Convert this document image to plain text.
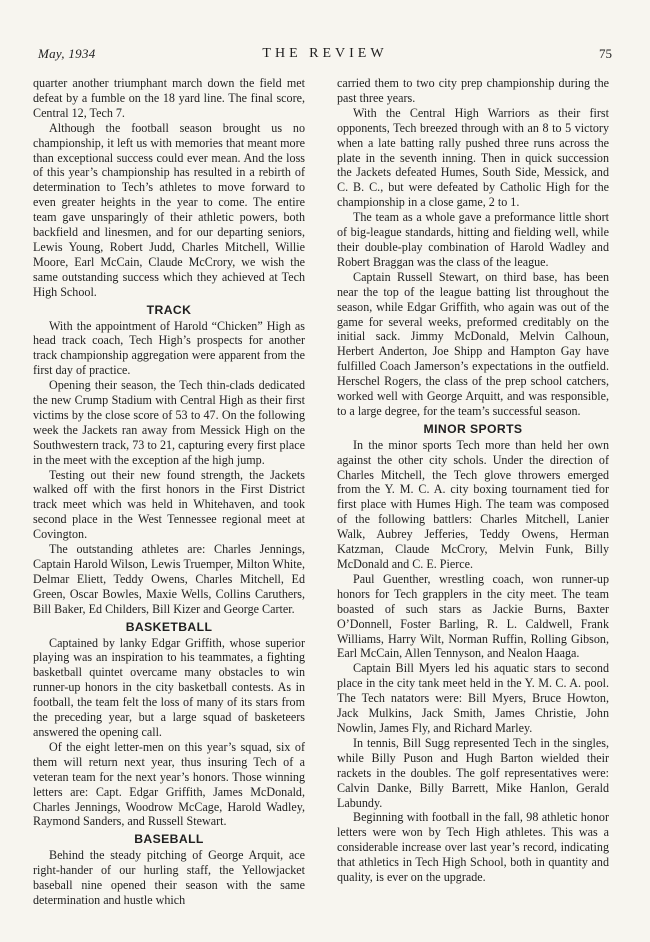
May, 1934	THE REVIEW	75

quarter another triumphant march down the field met defeat by a fumble on the 18 yard line. The final score, Central 12, Tech 7.

Although the football season brought us no championship, it left us with memories that meant more than exceptional success could ever mean. And the loss of this year’s championship has resulted in a rebirth of determination to Tech’s athletes to move forward to even greater heights in the year to come. The entire team gave unsparingly of their athletic powers, both backfield and linesmen, and for our departing seniors, Lewis Young, Robert Judd, Charles Mitchell, Willie Moore, Earl McCain, Claude McCrory, we wish the same outstanding success which they achieved at Tech High School.

TRACK

With the appointment of Harold “Chicken” High as head track coach, Tech High’s prospects for another track championship aggregation were apparent from the first day of practice.

Opening their season, the Tech thin-clads dedicated the new Crump Stadium with Central High as their first victims by the close score of 53 to 47. On the following week the Jackets ran away from Messick High on the Southwestern track, 73 to 21, capturing every first place in the meet with the exception af the high jump.

Testing out their new found strength, the Jackets walked off with the first honors in the First District track meet which was held in Whitehaven, and took second place in the West Tennessee regional meet at Covington.

The outstanding athletes are: Charles Jennings, Captain Harold Wilson, Lewis Truemper, Milton White, Delmar Eliett, Teddy Owens, Charles Mitchell, Ed Green, Oscar Bowles, Maxie Wells, Collins Caruthers, Bill Baker, Ed Childers, Bill Kizer and George Carter.

BASKETBALL

Captained by lanky Edgar Griffith, whose superior playing was an inspiration to his teammates, a fighting basketball quintet overcame many obstacles to win runner-up honors in the city basketball contests. As in football, the team felt the loss of many of its stars from the preceding year, but a large squad of basketeers answered the opening call.

Of the eight letter-men on this year’s squad, six of them will return next year, thus insuring Tech of a veteran team for the next year’s honors. Those winning letters are: Capt. Edgar Griffith, James McDonald, Charles Jennings, Woodrow McCage, Harold Wadley, Raymond Sanders, and Russell Stewart.

BASEBALL

Behind the steady pitching of George Arquit, ace right-hander of our hurling staff, the Yellowjacket baseball nine opened their season with the same determination and hustle which

carried them to two city prep championship during the past three years.

With the Central High Warriors as their first opponents, Tech breezed through with an 8 to 5 victory when a late batting rally pushed three runs across the plate in the seventh inning. Then in quick succession the Jackets defeated Humes, South Side, Messick, and C. B. C., but were defeated by Catholic High for the championship in a close game, 2 to 1.

The team as a whole gave a preformance little short of big-league standards, hitting and fielding well, while their double-play combination of Harold Wadley and Robert Braggan was the class of the league.

Captain Russell Stewart, on third base, has been near the top of the league batting list throughout the season, while Edgar Griffith, who again was out of the game for several weeks, preformed creditably on the initial sack. Jimmy McDonald, Melvin Calhoun, Herbert Anderton, Joe Shipp and Hampton Gay have fulfilled Coach Jamerson’s expectations in the outfield. Herschel Rogers, the class of the prep school catchers, worked well with George Arquitt, and was responsible, to a large degree, for the team’s successful season.

MINOR SPORTS

In the minor sports Tech more than held her own against the other city schols. Under the direction of Charles Mitchell, the Tech glove throwers emerged from the Y. M. C. A. city boxing tournament tied for first place with Humes High. The team was composed of the following battlers: Charles Mitchell, Lanier Walk, Aubrey Jefferies, Teddy Owens, Herman Katzman, Claude McCrory, Melvin Funk, Billy McDonald and C. E. Pierce.

Paul Guenther, wrestling coach, won runner-up honors for Tech grapplers in the city meet. The team boasted of such stars as Jackie Burns, Baxter O’Donnell, Foster Barling, R. L. Caldwell, Frank Williams, Harry Wilt, Norman Ruffin, Rolling Gibson, Earl McCain, Allen Tennyson, and Nealon Haaga.

Captain Bill Myers led his aquatic stars to second place in the city tank meet held in the Y. M. C. A. pool. The Tech natators were: Bill Myers, Bruce Howton, Jack Mulkins, Jack Smith, James Christie, John Nowlin, James Fly, and Richard Marley.

In tennis, Bill Sugg represented Tech in the singles, while Billy Puson and Hugh Barton wielded their rackets in the doubles. The golf representatives were: Calvin Danke, Billy Barrett, Mike Hanlon, Gerald Labundy.

Beginning with football in the fall, 98 athletic honor letters were won by Tech High athletes. This was a considerable increase over last year’s record, indicating that athletics in Tech High School, both in quantity and quality, is ever on the upgrade.
